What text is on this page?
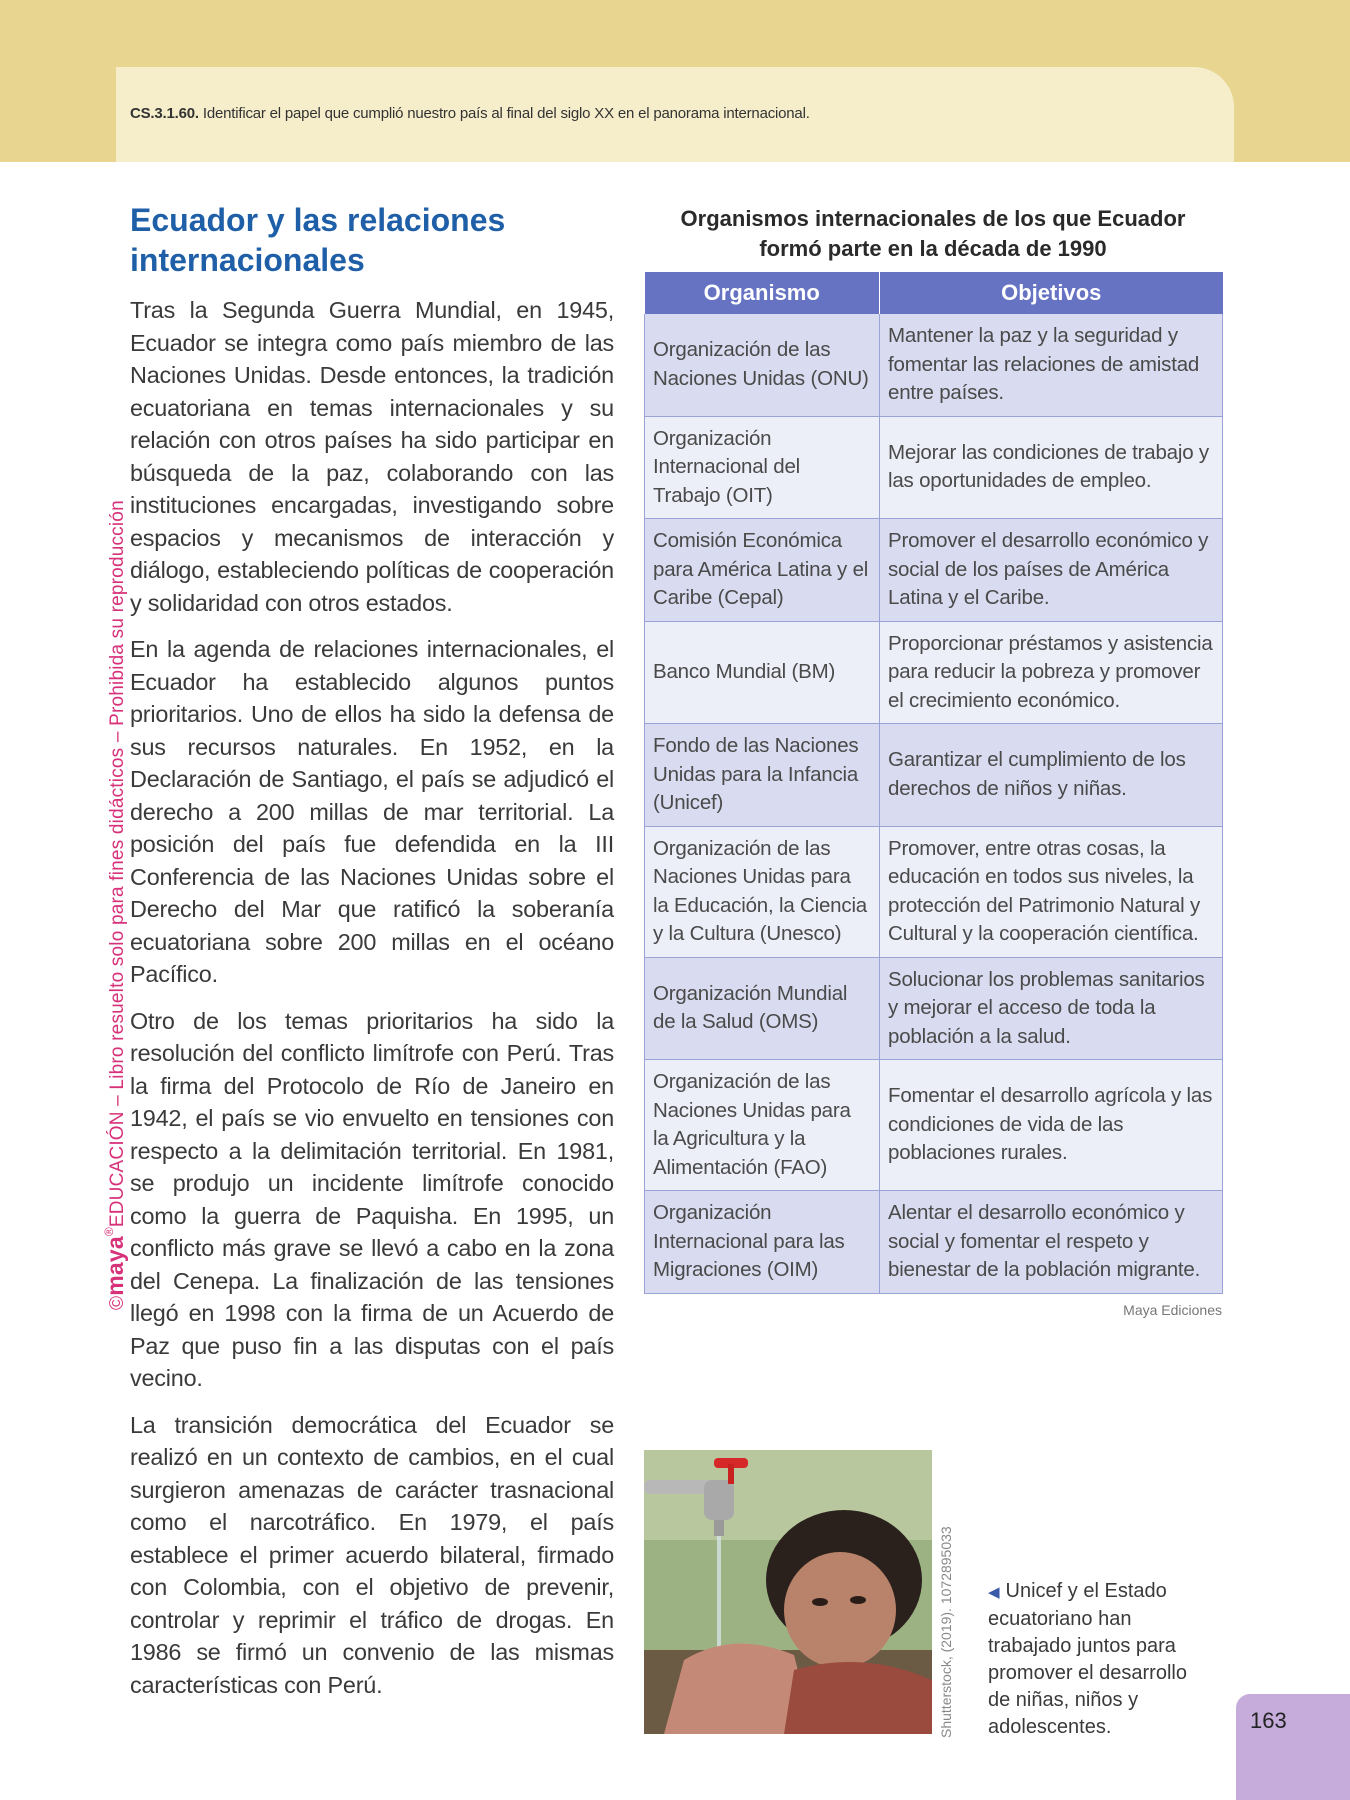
CS.3.1.60. Identificar el papel que cumplió nuestro país al final del siglo XX en el panorama internacional.
©maya®EDUCACIÓN – Libro resuelto solo para fines didácticos – Prohibida su reproducción
Ecuador y las relaciones internacionales

Tras la Segunda Guerra Mundial, en 1945, Ecuador se integra como país miembro de las Naciones Unidas. Desde entonces, la tradición ecuatoriana en temas internacionales y su relación con otros países ha sido participar en búsqueda de la paz, colaborando con las instituciones encargadas, investigando sobre espacios y mecanismos de interacción y diálogo, estableciendo políticas de cooperación y solidaridad con otros estados.

En la agenda de relaciones internacionales, el Ecuador ha establecido algunos puntos prioritarios. Uno de ellos ha sido la defensa de sus recursos naturales. En 1952, en la Declaración de Santiago, el país se adjudicó el derecho a 200 millas de mar territorial. La posición del país fue defendida en la III Conferencia de las Naciones Unidas sobre el Derecho del Mar que ratificó la soberanía ecuatoriana sobre 200 millas en el océano Pacífico.

Otro de los temas prioritarios ha sido la resolución del conflicto limítrofe con Perú. Tras la firma del Protocolo de Río de Janeiro en 1942, el país se vio envuelto en tensiones con respecto a la delimitación territorial. En 1981, se produjo un incidente limítrofe conocido como la guerra de Paquisha. En 1995, un conflicto más grave se llevó a cabo en la zona del Cenepa. La finalización de las tensiones llegó en 1998 con la firma de un Acuerdo de Paz que puso fin a las disputas con el país vecino.

La transición democrática del Ecuador se realizó en un contexto de cambios, en el cual surgieron amenazas de carácter trasnacional como el narcotráfico. En 1979, el país establece el primer acuerdo bilateral, firmado con Colombia, con el objetivo de prevenir, controlar y reprimir el tráfico de drogas. En 1986 se firmó un convenio de las mismas características con Perú.

Organismos internacionales de los que Ecuador
formó parte en la década de 1990
Organismo	Objetivos
Organización de las Naciones Unidas (ONU)	Mantener la paz y la seguridad y fomentar las relaciones de amistad entre países.
Organización Internacional del Trabajo (OIT)	Mejorar las condiciones de trabajo y las oportunidades de empleo.
Comisión Económica para América Latina y el Caribe (Cepal)	Promover el desarrollo económico y social de los países de América Latina y el Caribe.
Banco Mundial (BM)	Proporcionar préstamos y asistencia para reducir la pobreza y promover el crecimiento económico.
Fondo de las Naciones Unidas para la Infancia (Unicef)	Garantizar el cumplimiento de los derechos de niños y niñas.
Organización de las Naciones Unidas para la Educación, la Ciencia y la Cultura (Unesco)	Promover, entre otras cosas, la educación en todos sus niveles, la protección del Patrimonio Natural y Cultural y la cooperación científica.
Organización Mundial de la Salud (OMS)	Solucionar los problemas sanitarios y mejorar el acceso de toda la población a la salud.
Organización de las Naciones Unidas para la Agricultura y la Alimentación (FAO)	Fomentar el desarrollo agrícola y las condiciones de vida de las poblaciones rurales.
Organización Internacional para las Migraciones (OIM)	Alentar el desarrollo económico y social y fomentar el respeto y bienestar de la población migrante.
Maya Ediciones
Shutterstock, (2019). 1072895033 ◀ Unicef y el Estado ecuatoriano han trabajado juntos para promover el desarrollo de niñas, niños y adolescentes.	163
